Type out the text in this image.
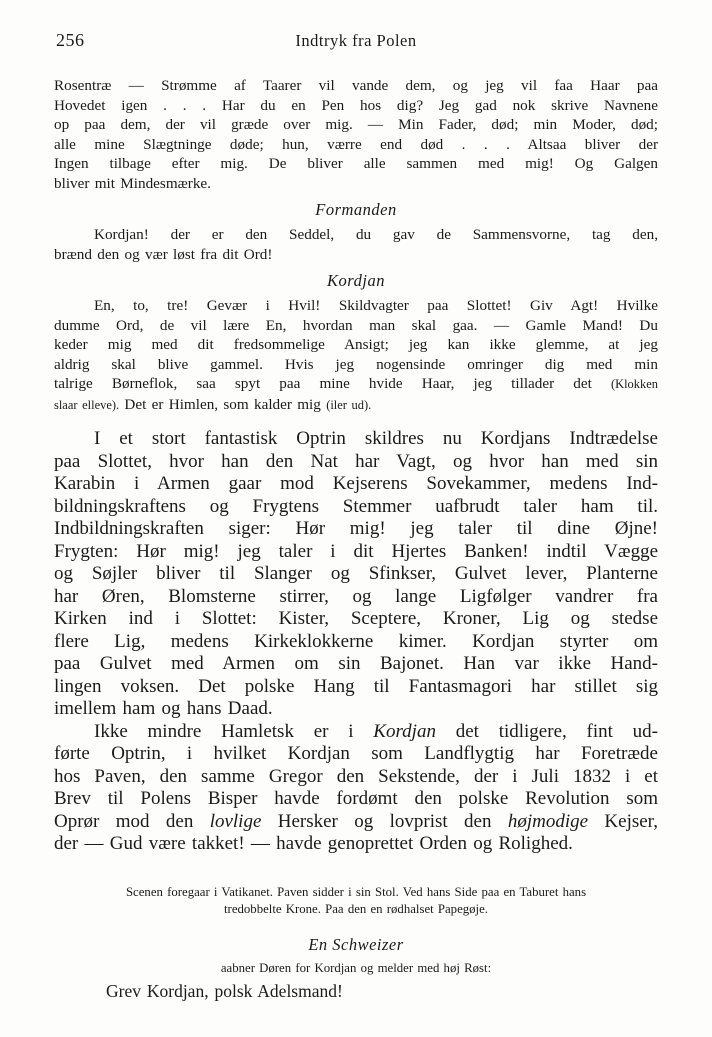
256	Indtryk fra Polen
Rosentræ — Strømme af Taarer vil vande dem, og jeg vil faa Haar paa
Hovedet igen . . . Har du en Pen hos dig? Jeg gad nok skrive Navnene
op paa dem, der vil græde over mig. — Min Fader, død; min Moder, død;
alle mine Slægtninge døde; hun, værre end død . . . Altsaa bliver der
Ingen tilbage efter mig. De bliver alle sammen med mig! Og Galgen
bliver mit Mindesmærke.
Formanden
Kordjan! der er den Seddel, du gav de Sammensvorne, tag den,
brænd den og vær løst fra dit Ord!
Kordjan
En, to, tre! Gevær i Hvil! Skildvagter paa Slottet! Giv Agt! Hvilke
dumme Ord, de vil lære En, hvordan man skal gaa. — Gamle Mand! Du
keder mig med dit fredsommelige Ansigt; jeg kan ikke glemme, at jeg
aldrig skal blive gammel. Hvis jeg nogensinde omringer dig med min
talrige Børneflok, saa spyt paa mine hvide Haar, jeg tillader det (Klokken
slaar elleve). Det er Himlen, som kalder mig (iler ud).
I et stort fantastisk Optrin skildres nu Kordjans Indtrædelse
paa Slottet, hvor han den Nat har Vagt, og hvor han med sin
Karabin i Armen gaar mod Kejserens Sovekammer, medens Ind-
bildningskraftens og Frygtens Stemmer uafbrudt taler ham til.
Indbildningskraften siger: Hør mig! jeg taler til dine Øjne!
Frygten: Hør mig! jeg taler i dit Hjertes Banken! indtil Vægge
og Søjler bliver til Slanger og Sfinkser, Gulvet lever, Planterne
har Øren, Blomsterne stirrer, og lange Ligfølger vandrer fra
Kirken ind i Slottet: Kister, Sceptere, Kroner, Lig og stedse
flere Lig, medens Kirkeklokkerne kimer. Kordjan styrter om
paa Gulvet med Armen om sin Bajonet. Han var ikke Hand-
lingen voksen. Det polske Hang til Fantasmagori har stillet sig
imellem ham og hans Daad.
Ikke mindre Hamletsk er i Kordjan det tidligere, fint ud-
førte Optrin, i hvilket Kordjan som Landflygtig har Foretræde
hos Paven, den samme Gregor den Sekstende, der i Juli 1832 i et
Brev til Polens Bisper havde fordømt den polske Revolution som
Oprør mod den lovlige Hersker og lovprist den højmodige Kejser,
der — Gud være takket! — havde genoprettet Orden og Rolighed.
Scenen foregaar i Vatikanet. Paven sidder i sin Stol. Ved hans Side paa en Taburet hans
tredobbelte Krone. Paa den en rødhalset Papegøje.
En Schweizer
aabner Døren for Kordjan og melder med høj Røst:
Grev Kordjan, polsk Adelsmand!
